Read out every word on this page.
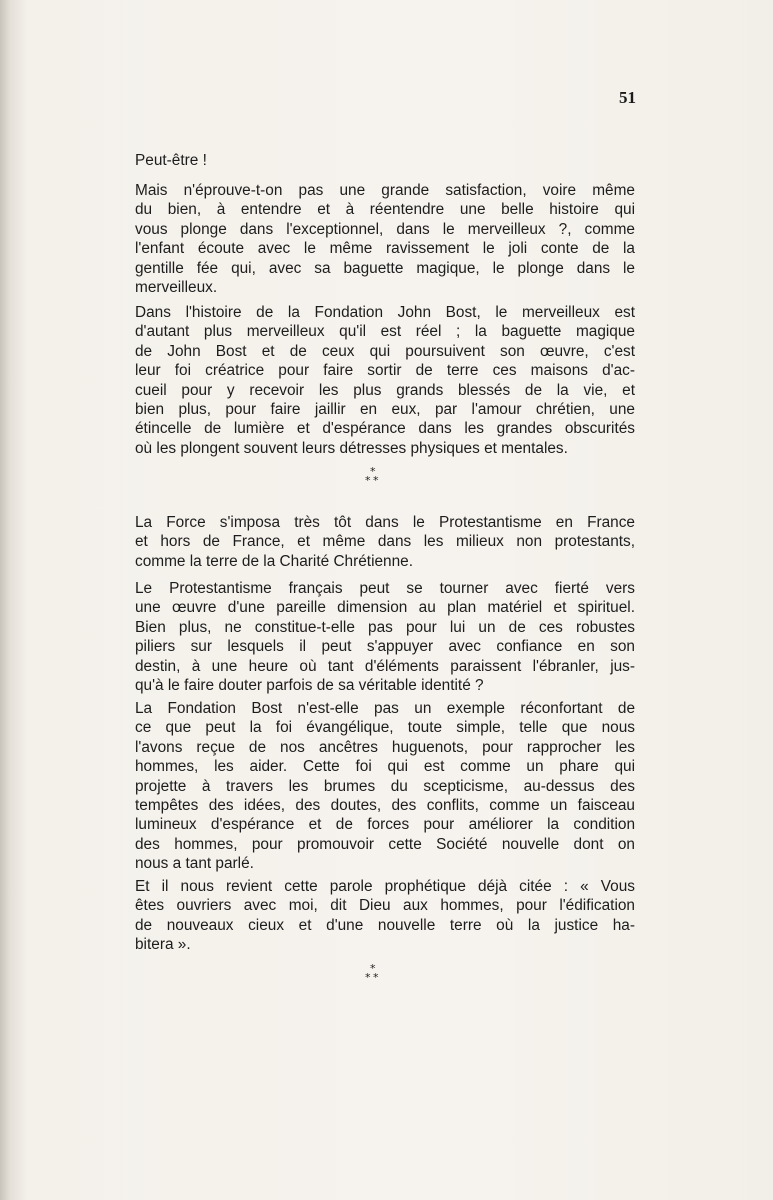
51
Peut-être !
Mais n'éprouve-t-on pas une grande satisfaction, voire même
du bien, à entendre et à réentendre une belle histoire qui
vous plonge dans l'exceptionnel, dans le merveilleux ?, comme
l'enfant écoute avec le même ravissement le joli conte de la
gentille fée qui, avec sa baguette magique, le plonge dans le
merveilleux.
Dans l'histoire de la Fondation John Bost, le merveilleux est
d'autant plus merveilleux qu'il est réel ; la baguette magique
de John Bost et de ceux qui poursuivent son œuvre, c'est
leur foi créatrice pour faire sortir de terre ces maisons d'ac-
cueil pour y recevoir les plus grands blessés de la vie, et
bien plus, pour faire jaillir en eux, par l'amour chrétien, une
étincelle de lumière et d'espérance dans les grandes obscurités
où les plongent souvent leurs détresses physiques et mentales.
*
* *
La Force s'imposa très tôt dans le Protestantisme en France
et hors de France, et même dans les milieux non protestants,
comme la terre de la Charité Chrétienne.
Le Protestantisme français peut se tourner avec fierté vers
une œuvre d'une pareille dimension au plan matériel et spirituel.
Bien plus, ne constitue-t-elle pas pour lui un de ces robustes
piliers sur lesquels il peut s'appuyer avec confiance en son
destin, à une heure où tant d'éléments paraissent l'ébranler, jus-
qu'à le faire douter parfois de sa véritable identité ?
La Fondation Bost n'est-elle pas un exemple réconfortant de
ce que peut la foi évangélique, toute simple, telle que nous
l'avons reçue de nos ancêtres huguenots, pour rapprocher les
hommes, les aider. Cette foi qui est comme un phare qui
projette à travers les brumes du scepticisme, au-dessus des
tempêtes des idées, des doutes, des conflits, comme un faisceau
lumineux d'espérance et de forces pour améliorer la condition
des hommes, pour promouvoir cette Société nouvelle dont on
nous a tant parlé.
Et il nous revient cette parole prophétique déjà citée : « Vous
êtes ouvriers avec moi, dit Dieu aux hommes, pour l'édification
de nouveaux cieux et d'une nouvelle terre où la justice ha-
bitera ».
*
* *
